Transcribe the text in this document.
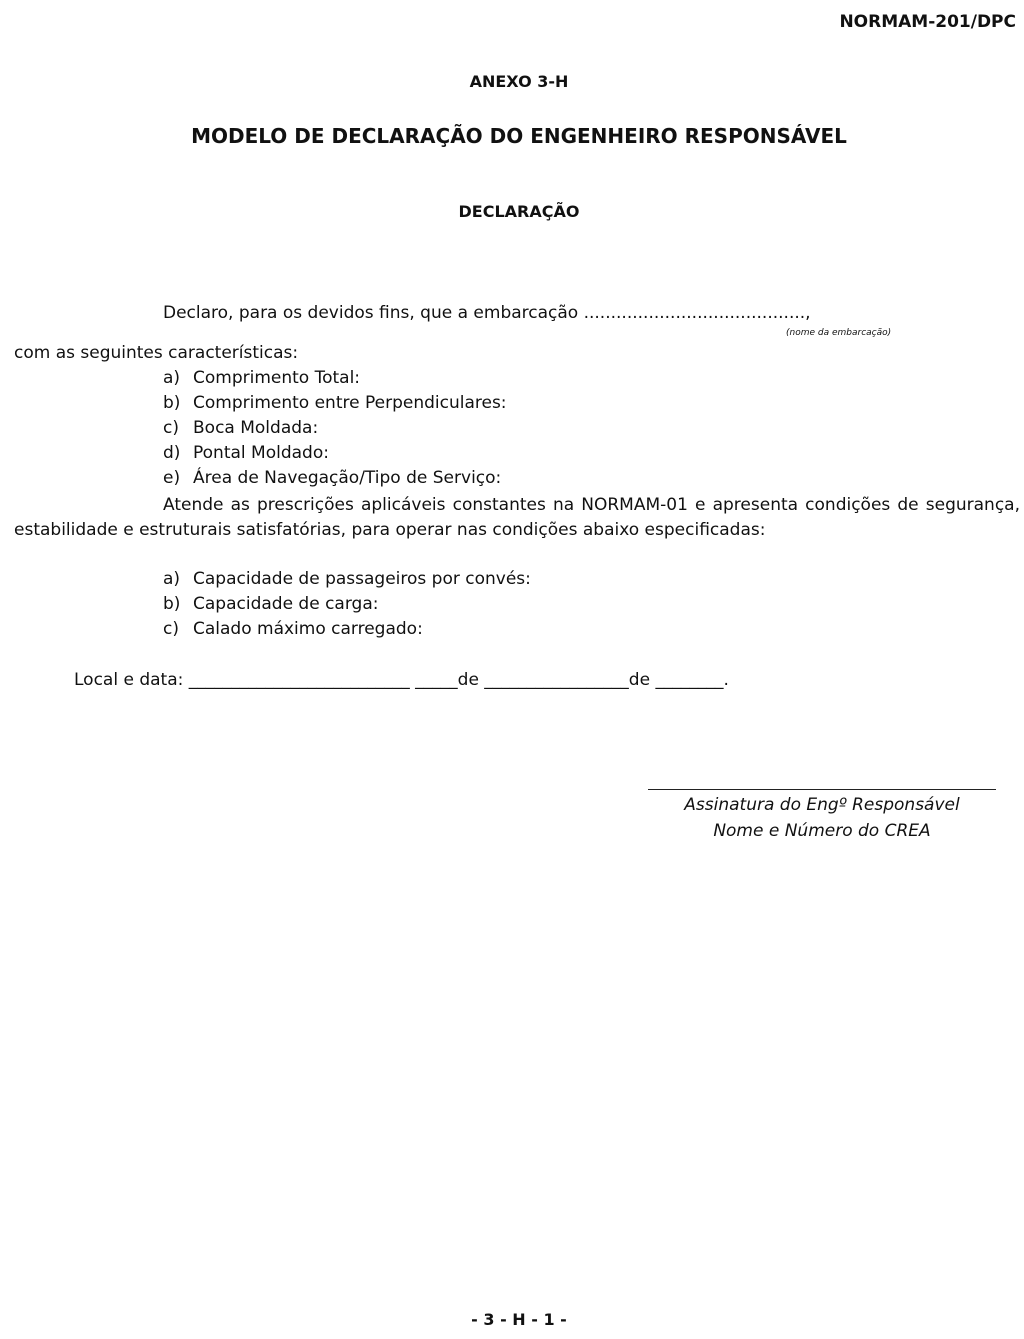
NORMAM-201/DPC
ANEXO 3-H
MODELO DE DECLARAÇÃO DO ENGENHEIRO RESPONSÁVEL
DECLARAÇÃO
Declaro, para os devidos fins, que a embarcação .........................................,
(nome da embarcação)
com as seguintes características:
a) Comprimento Total:
b) Comprimento entre Perpendiculares:
c) Boca Moldada:
d) Pontal Moldado:
e) Área de Navegação/Tipo de Serviço:

Atende as prescrições aplicáveis constantes na NORMAM-01 e apresenta condições de segurança, estabilidade e estruturais satisfatórias, para operar nas condições abaixo especificadas:

a) Capacidade de passageiros por convés:
b) Capacidade de carga:
c) Calado máximo carregado:
Local e data: __________________________ _____de _________________de ________.
Assinatura do Engº Responsável
Nome e Número do CREA
- 3 - H - 1 -
